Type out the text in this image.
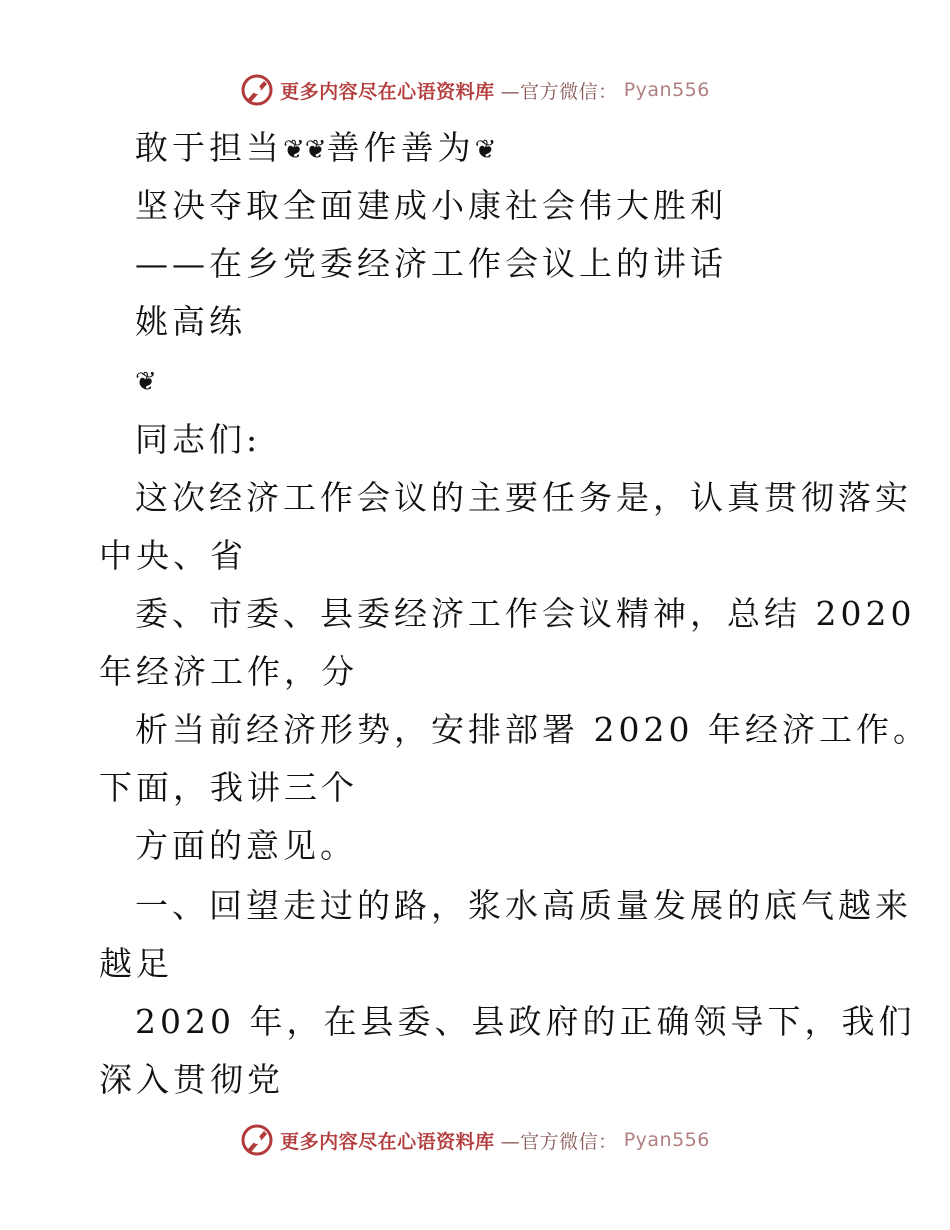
更多内容尽在心语资料库 —官方微信： Pyan556
敢于担当❦❦善作善为❦
坚决夺取全面建成小康社会伟大胜利
——在乡党委经济工作会议上的讲话
姚高练
❦
同志们:
这次经济工作会议的主要任务是，认真贯彻落实
中央、省
委、市委、县委经济工作会议精神，总结 2020
年经济工作，分
析当前经济形势，安排部署 2020 年经济工作。
下面，我讲三个
方面的意见。
一、回望走过的路，浆水高质量发展的底气越来
越足
2020 年，在县委、县政府的正确领导下，我们
深入贯彻党
更多内容尽在心语资料库 —官方微信： Pyan556
